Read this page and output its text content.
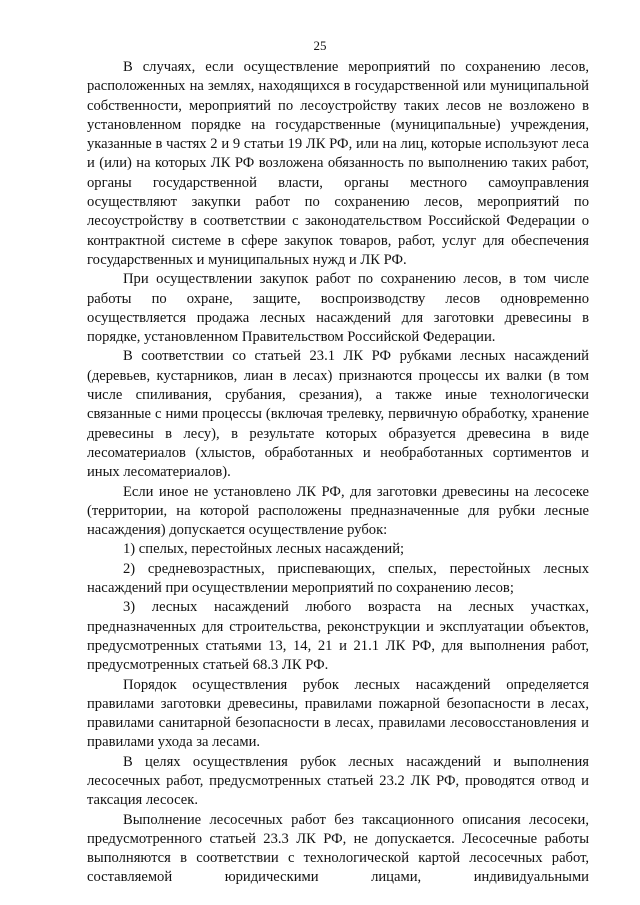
25

В случаях, если осуществление мероприятий по сохранению лесов, расположенных на землях, находящихся в государственной или муниципальной собственности, мероприятий по лесоустройству таких лесов не возложено в установленном порядке на государственные (муниципальные) учреждения, указанные в частях 2 и 9 статьи 19 ЛК РФ, или на лиц, которые используют леса и (или) на которых ЛК РФ возложена обязанность по выполнению таких работ, органы государственной власти, органы местного самоуправления осуществляют закупки работ по сохранению лесов, мероприятий по лесоустройству в соответствии с законодательством Российской Федерации о контрактной системе в сфере закупок товаров, работ, услуг для обеспечения государственных и муниципальных нужд и ЛК РФ.

При осуществлении закупок работ по сохранению лесов, в том числе работы по охране, защите, воспроизводству лесов одновременно осуществляется продажа лесных насаждений для заготовки древесины в порядке, установленном Правительством Российской Федерации.

В соответствии со статьей 23.1 ЛК РФ рубками лесных насаждений (деревьев, кустарников, лиан в лесах) признаются процессы их валки (в том числе спиливания, срубания, срезания), а также иные технологически связанные с ними процессы (включая трелевку, первичную обработку, хранение древесины в лесу), в результате которых образуется древесина в виде лесоматериалов (хлыстов, обработанных и необработанных сортиментов и иных лесоматериалов).

Если иное не установлено ЛК РФ, для заготовки древесины на лесосеке (территории, на которой расположены предназначенные для рубки лесные насаждения) допускается осуществление рубок:

1) спелых, перестойных лесных насаждений;

2) средневозрастных, приспевающих, спелых, перестойных лесных насаждений при осуществлении мероприятий по сохранению лесов;

3) лесных насаждений любого возраста на лесных участках, предназначенных для строительства, реконструкции и эксплуатации объектов, предусмотренных статьями 13, 14, 21 и 21.1 ЛК РФ, для выполнения работ, предусмотренных статьей 68.3 ЛК РФ.

Порядок осуществления рубок лесных насаждений определяется правилами заготовки древесины, правилами пожарной безопасности в лесах, правилами санитарной безопасности в лесах, правилами лесовосстановления и правилами ухода за лесами.

В целях осуществления рубок лесных насаждений и выполнения лесосечных работ, предусмотренных статьей 23.2 ЛК РФ, проводятся отвод и таксация лесосек.

Выполнение лесосечных работ без таксационного описания лесосеки, предусмотренного статьей 23.3 ЛК РФ, не допускается. Лесосечные работы выполняются в соответствии с технологической картой лесосечных работ, составляемой юридическими лицами, индивидуальными
